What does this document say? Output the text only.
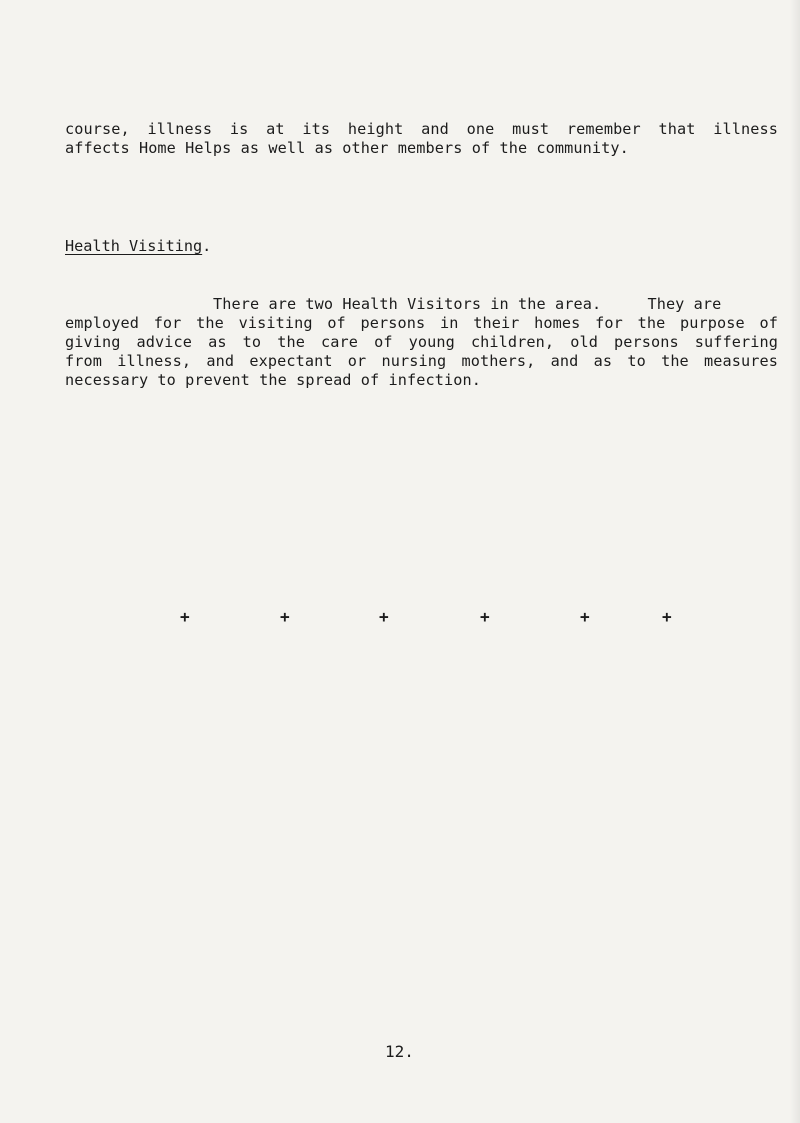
course, illness is at its height and one must remember that illness
affects Home Helps as well as other members of the community.
Health Visiting.
There are two Health Visitors in the area.     They are
employed for the visiting of persons in their homes for the purpose of
giving advice as to the care of young children, old persons suffering
from illness, and expectant or nursing mothers, and as to the measures
necessary to prevent the spread of infection.
+	+	+	+	+	+
12.
